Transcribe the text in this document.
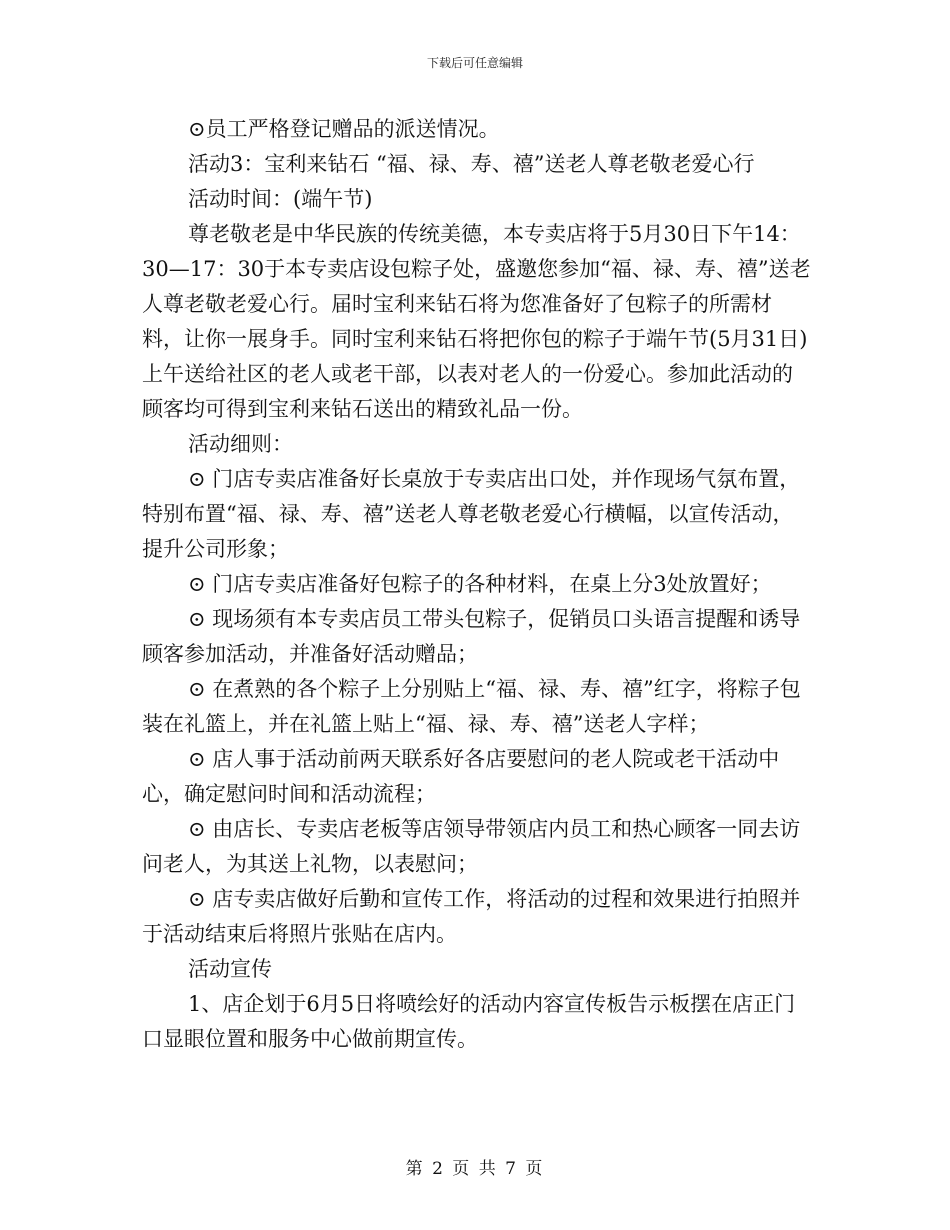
下载后可任意编辑

⊙员工严格登记赠品的派送情况。

活动3：宝利来钻石 “福、禄、寿、禧”送老人尊老敬老爱心行

活动时间：(端午节)

尊老敬老是中华民族的传统美德，本专卖店将于5月30日下午14：30—17：30于本专卖店设包粽子处，盛邀您参加“福、禄、寿、禧”送老人尊老敬老爱心行。届时宝利来钻石将为您准备好了包粽子的所需材料，让你一展身手。同时宝利来钻石将把你包的粽子于端午节(5月31日)上午送给社区的老人或老干部，以表对老人的一份爱心。参加此活动的顾客均可得到宝利来钻石送出的精致礼品一份。

活动细则：

⊙ 门店专卖店准备好长桌放于专卖店出口处，并作现场气氛布置，特别布置“福、禄、寿、禧”送老人尊老敬老爱心行横幅，以宣传活动，提升公司形象；

⊙ 门店专卖店准备好包粽子的各种材料，在桌上分3处放置好；

⊙ 现场须有本专卖店员工带头包粽子，促销员口头语言提醒和诱导顾客参加活动，并准备好活动赠品；

⊙ 在煮熟的各个粽子上分别贴上“福、禄、寿、禧”红字，将粽子包装在礼篮上，并在礼篮上贴上“福、禄、寿、禧”送老人字样；

⊙ 店人事于活动前两天联系好各店要慰问的老人院或老干活动中心，确定慰问时间和活动流程；

⊙ 由店长、专卖店老板等店领导带领店内员工和热心顾客一同去访问老人，为其送上礼物，以表慰问；

⊙ 店专卖店做好后勤和宣传工作，将活动的过程和效果进行拍照并于活动结束后将照片张贴在店内。

活动宣传

1、店企划于6月5日将喷绘好的活动内容宣传板告示板摆在店正门口显眼位置和服务中心做前期宣传。

第 2 页 共 7 页
